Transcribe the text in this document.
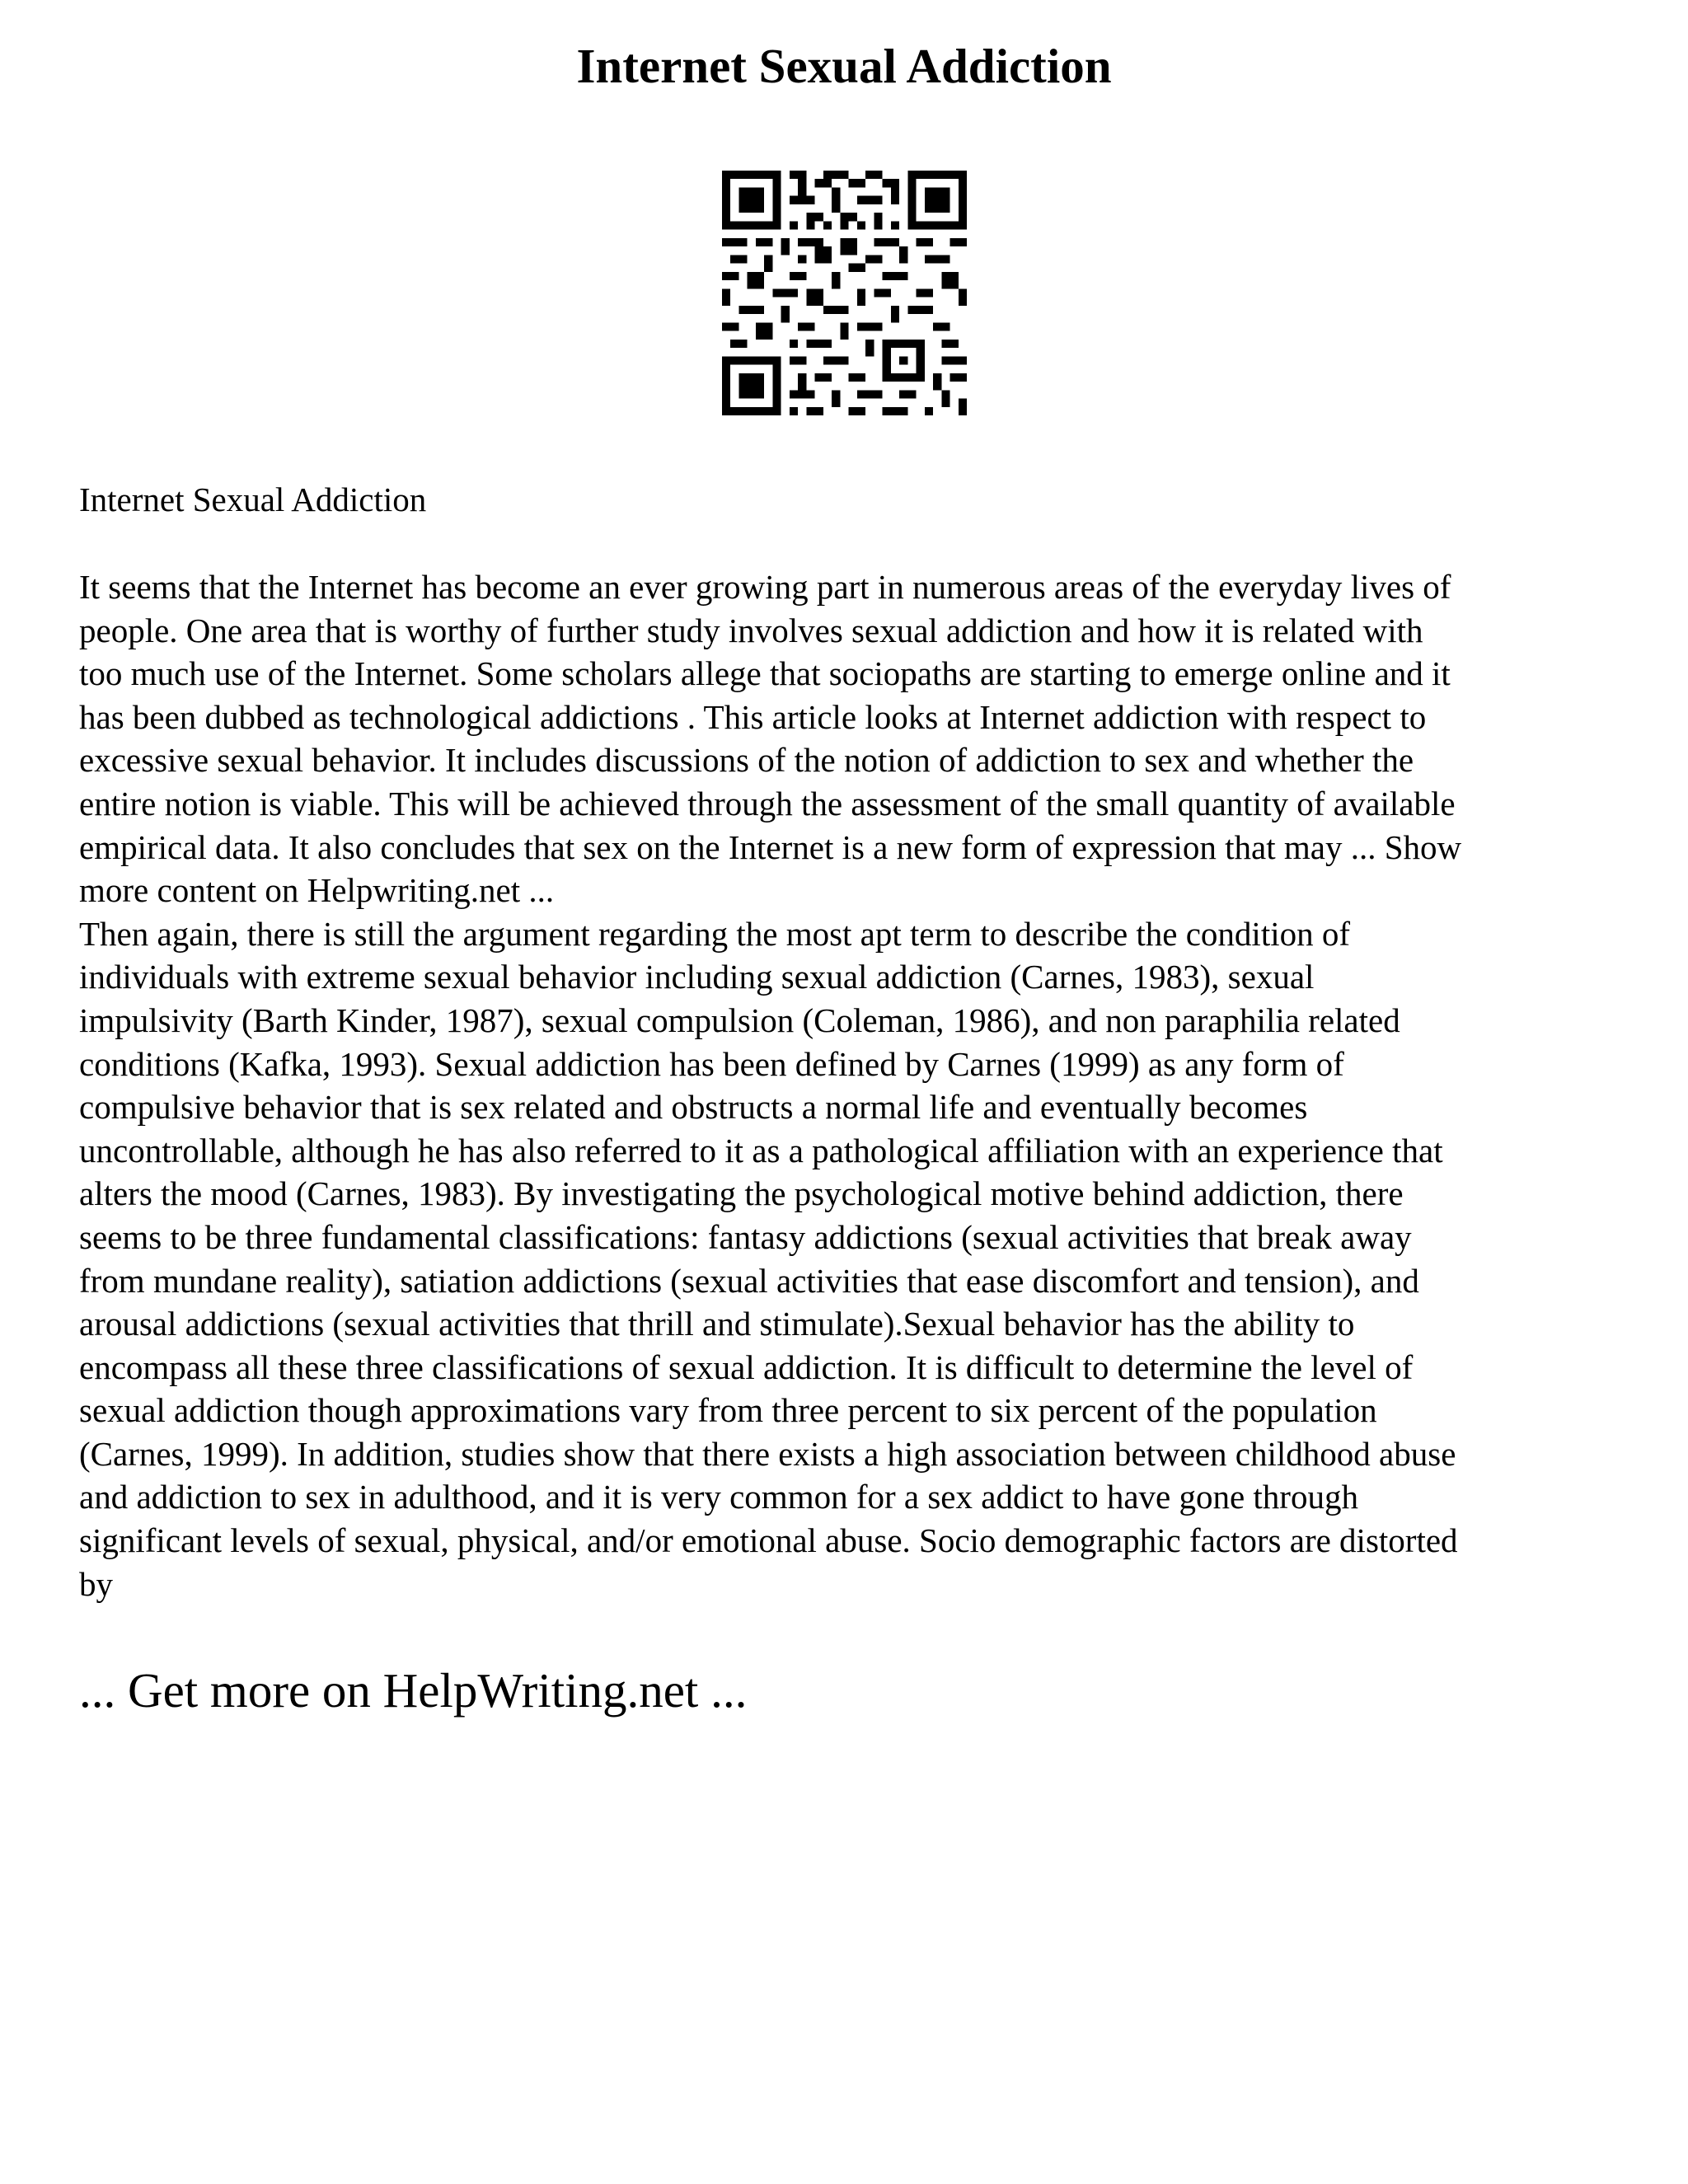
Internet Sexual Addiction

Internet Sexual Addiction

It seems that the Internet has become an ever growing part in numerous areas of the everyday lives of
people. One area that is worthy of further study involves sexual addiction and how it is related with
too much use of the Internet. Some scholars allege that sociopaths are starting to emerge online and it
has been dubbed as technological addictions . This article looks at Internet addiction with respect to
excessive sexual behavior. It includes discussions of the notion of addiction to sex and whether the
entire notion is viable. This will be achieved through the assessment of the small quantity of available
empirical data. It also concludes that sex on the Internet is a new form of expression that may ... Show
more content on Helpwriting.net ...

Then again, there is still the argument regarding the most apt term to describe the condition of
individuals with extreme sexual behavior including sexual addiction (Carnes, 1983), sexual
impulsivity (Barth Kinder, 1987), sexual compulsion (Coleman, 1986), and non paraphilia related
conditions (Kafka, 1993). Sexual addiction has been defined by Carnes (1999) as any form of
compulsive behavior that is sex related and obstructs a normal life and eventually becomes
uncontrollable, although he has also referred to it as a pathological affiliation with an experience that
alters the mood (Carnes, 1983). By investigating the psychological motive behind addiction, there
seems to be three fundamental classifications: fantasy addictions (sexual activities that break away
from mundane reality), satiation addictions (sexual activities that ease discomfort and tension), and
arousal addictions (sexual activities that thrill and stimulate).Sexual behavior has the ability to
encompass all these three classifications of sexual addiction. It is difficult to determine the level of
sexual addiction though approximations vary from three percent to six percent of the population
(Carnes, 1999). In addition, studies show that there exists a high association between childhood abuse
and addiction to sex in adulthood, and it is very common for a sex addict to have gone through
significant levels of sexual, physical, and/or emotional abuse. Socio demographic factors are distorted
by

... Get more on HelpWriting.net ...
